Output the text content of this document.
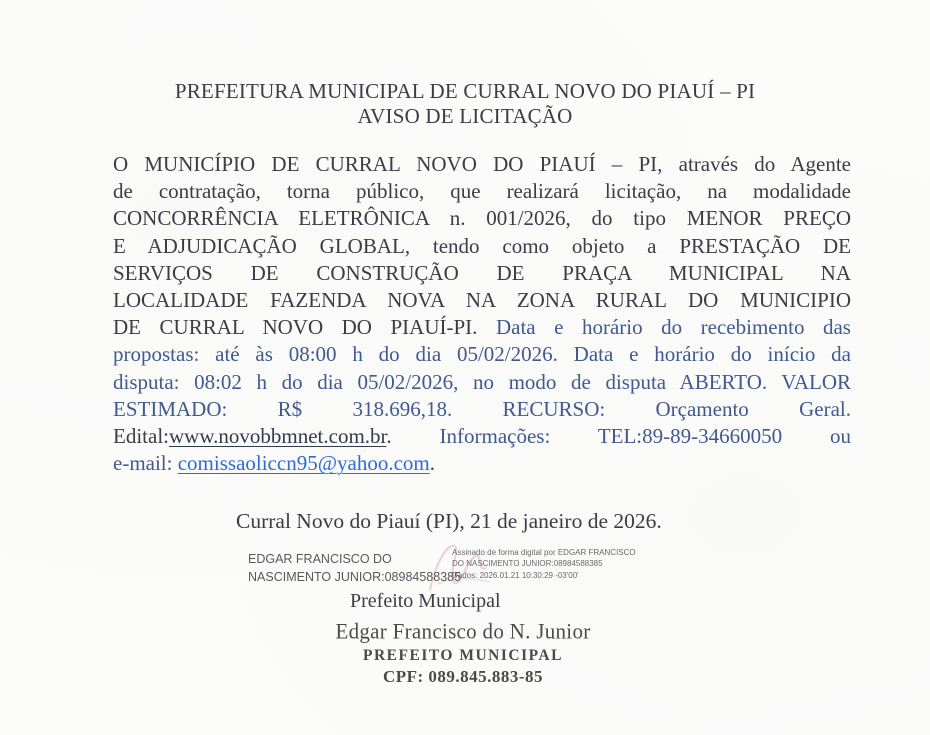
PREFEITURA MUNICIPAL DE CURRAL NOVO DO PIAUÍ – PI
AVISO DE LICITAÇÃO
O MUNICÍPIO DE CURRAL NOVO DO PIAUÍ – PI, através do Agente
de contratação, torna público, que realizará licitação, na modalidade
CONCORRÊNCIA ELETRÔNICA n. 001/2026, do tipo MENOR PREÇO
E ADJUDICAÇÃO GLOBAL, tendo como objeto a PRESTAÇÃO DE
SERVIÇOS DE CONSTRUÇÃO DE PRAÇA MUNICIPAL NA
LOCALIDADE FAZENDA NOVA NA ZONA RURAL DO MUNICIPIO
DE CURRAL NOVO DO PIAUÍ-PI. Data e horário do recebimento das
propostas: até às 08:00 h do dia 05/02/2026. Data e horário do início da
disputa: 08:02 h do dia 05/02/2026, no modo de disputa ABERTO. VALOR
ESTIMADO: R$ 318.696,18. RECURSO: Orçamento Geral.
Edital:www.novobbmnet.com.br. Informações: TEL:89-89-34660050 ou
e-mail: comissaoliccn95@yahoo.com.
Curral Novo do Piauí (PI), 21 de janeiro de 2026.
EDGAR FRANCISCO DO
NASCIMENTO JUNIOR:08984588385
Assinado de forma digital por EDGAR FRANCISCO
DO NASCIMENTO JUNIOR:08984588385
Dados: 2026.01.21 10:30:29 -03'00'
Prefeito Municipal
Edgar Francisco do N. Junior
PREFEITO MUNICIPAL
CPF: 089.845.883-85
